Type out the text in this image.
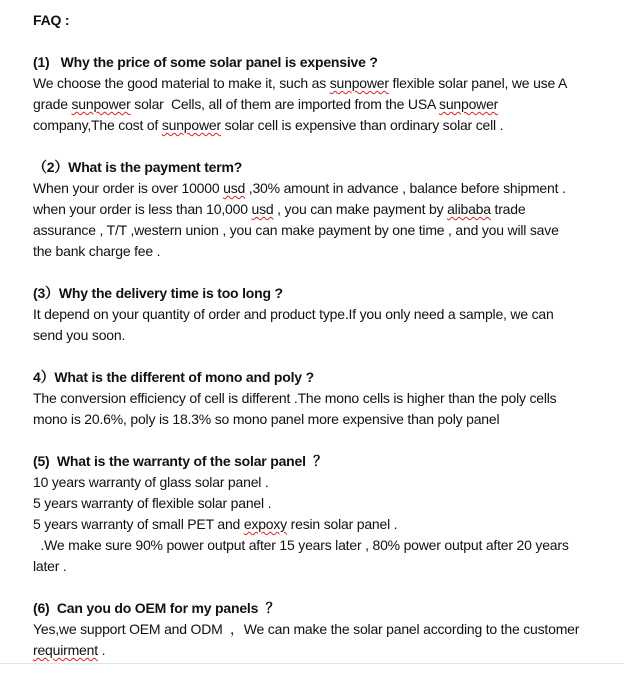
FAQ :

(1)   Why the price of some solar panel is expensive ?

We choose the good material to make it, such as sunpower flexible solar panel, we use A

grade sunpower solar  Cells, all of them are imported from the USA sunpower

company,The cost of sunpower solar cell is expensive than ordinary solar cell .

（2）What is the payment term?

When your order is over 10000 usd ,30% amount in advance , balance before shipment .

when your order is less than 10,000 usd , you can make payment by alibaba trade

assurance , T/T ,western union , you can make payment by one time , and you will save

the bank charge fee .

(3）Why the delivery time is too long ?

It depend on your quantity of order and product type.If you only need a sample, we can

send you soon.

4）What is the different of mono and poly ?

The conversion efficiency of cell is different .The mono cells is higher than the poly cells

mono is 20.6%, poly is 18.3% so mono panel more expensive than poly panel

(5)  What is the warranty of the solar panel  ？

10 years warranty of glass solar panel .

5 years warranty of flexible solar panel .

5 years warranty of small PET and expoxy resin solar panel .

.We make sure 90% power output after 15 years later , 80% power output after 20 years

later .

(6)  Can you do OEM for my panels  ？

Yes,we support OEM and ODM  ，We can make the solar panel according to the customer

requirment .
